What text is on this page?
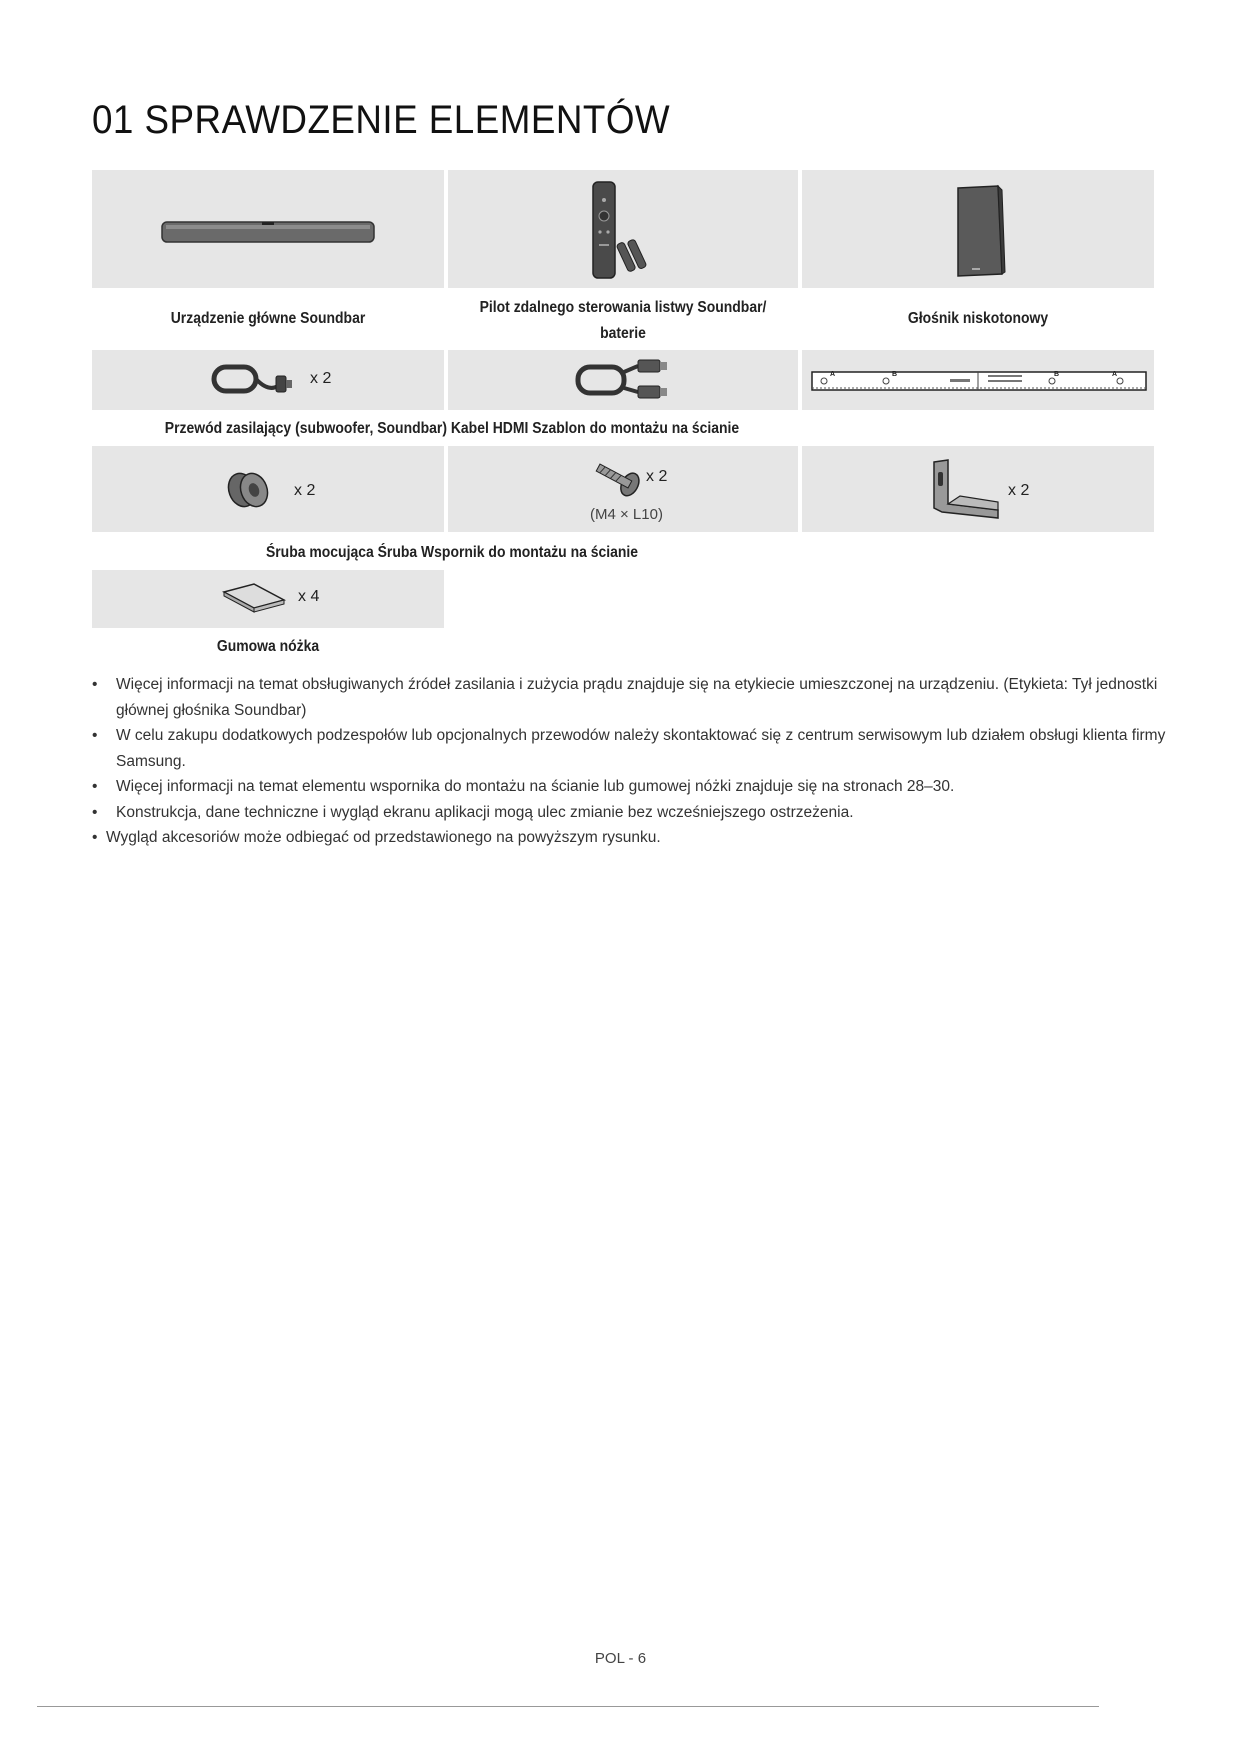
01 SPRAWDZENIE ELEMENTÓW
Urządzenie główne Soundbar
Pilot zdalnego sterowania listwy Soundbar/
baterie
Głośnik niskotonowy
x 2	A	B	B	A
Przewód zasilający (subwoofer, Soundbar) Kabel HDMI Szablon do montażu na ścianie
x 2
x 2
(M4 × L10)
x 2
Śruba mocująca Śruba Wspornik do montażu na ścianie
x 4
Gumowa nóżka
• Więcej informacji na temat obsługiwanych źródeł zasilania i zużycia prądu znajduje się na etykiecie umieszczonej na urządzeniu. (Etykieta: Tył jednostki głównej głośnika Soundbar)
• W celu zakupu dodatkowych podzespołów lub opcjonalnych przewodów należy skontaktować się z centrum serwisowym lub działem obsługi klienta firmy Samsung.
• Więcej informacji na temat elementu wspornika do montażu na ścianie lub gumowej nóżki znajduje się na stronach 28–30.
• Konstrukcja, dane techniczne i wygląd ekranu aplikacji mogą ulec zmianie bez wcześniejszego ostrzeżenia.
• Wygląd akcesoriów może odbiegać od przedstawionego na powyższym rysunku.
POL - 6
